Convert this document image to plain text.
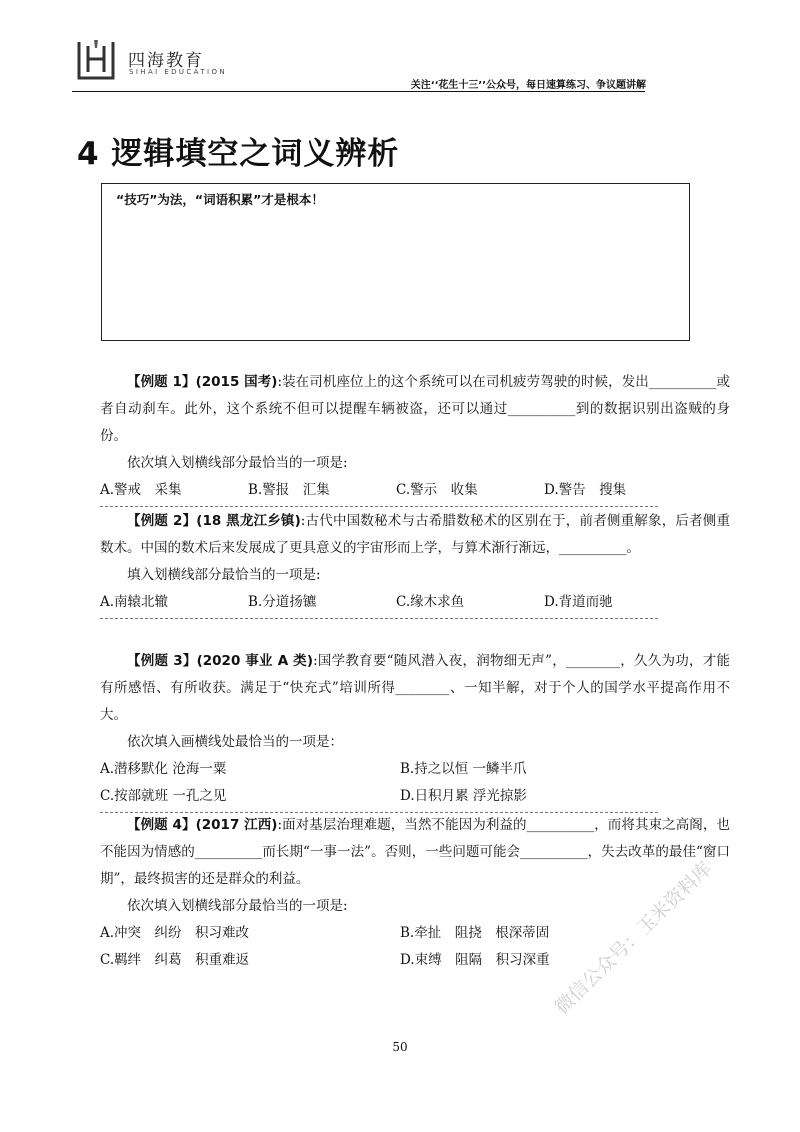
四海教育
SIHAI EDUCATION
关注‘‘花生十三’’公众号，每日速算练习、争议题讲解
4 逻辑填空之词义辨析
“技巧”为法，“词语积累”才是根本！

【例题 1】(2015 国考):装在司机座位上的这个系统可以在司机疲劳驾驶的时候，发出__________或者自动刹车。此外，这个系统不但可以提醒车辆被盗，还可以通过__________到的数据识别出盗贼的身份。

依次填入划横线部分最恰当的一项是:

A.警戒　采集	B.警报　汇集	C.警示　收集	D.警告　搜集

【例题 2】(18 黑龙江乡镇):古代中国数秘术与古希腊数秘术的区别在于，前者侧重解象，后者侧重数术。中国的数术后来发展成了更具意义的宇宙形而上学，与算术渐行渐远，__________。

填入划横线部分最恰当的一项是:

A.南辕北辙	B.分道扬镳	C.缘木求鱼	D.背道而驰

【例题 3】(2020 事业 A 类):国学教育要“随风潜入夜，润物细无声”，________，久久为功，才能有所感悟、有所收获。满足于“快充式”培训所得________、一知半解，对于个人的国学水平提高作用不大。

依次填入画横线处最恰当的一项是：

A.潜移默化 沧海一粟	B.持之以恒 一鳞半爪
C.按部就班 一孔之见	D.日积月累 浮光掠影

【例题 4】(2017 江西):面对基层治理难题，当然不能因为利益的__________，而将其束之高阁，也不能因为情感的__________而长期“一事一法”。否则，一些问题可能会__________，失去改革的最佳“窗口期”，最终损害的还是群众的利益。

依次填入划横线部分最恰当的一项是:

A.冲突　纠纷　积习难改	B.牵扯　阻挠　根深蒂固
C.羁绊　纠葛　积重难返	D.束缚　阻隔　积习深重
50
微信公众号：玉米资料库
